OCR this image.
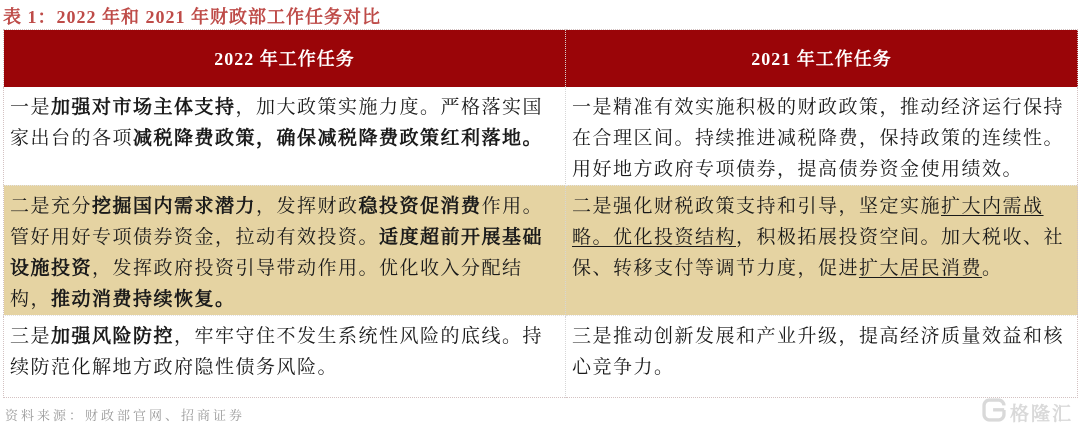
表 1：2022 年和 2021 年财政部工作任务对比
2022 年工作任务	2021 年工作任务
一是加强对市场主体支持，加大政策实施力度。严格落实国家出台的各项减税降费政策，确保减税降费政策红利落地。	一是精准有效实施积极的财政政策，推动经济运行保持在合理区间。持续推进减税降费，保持政策的连续性。用好地方政府专项债券，提高债券资金使用绩效。
二是充分挖掘国内需求潜力，发挥财政稳投资促消费作用。管好用好专项债券资金，拉动有效投资。适度超前开展基础设施投资，发挥政府投资引导带动作用。优化收入分配结构，推动消费持续恢复。	二是强化财税政策支持和引导，坚定实施扩大内需战略。优化投资结构，积极拓展投资空间。加大税收、社保、转移支付等调节力度，促进扩大居民消费。
三是加强风险防控，牢牢守住不发生系统性风险的底线。持续防范化解地方政府隐性债务风险。	三是推动创新发展和产业升级，提高经济质量效益和核心竞争力。
资料来源：财政部官网、招商证券	格隆汇
